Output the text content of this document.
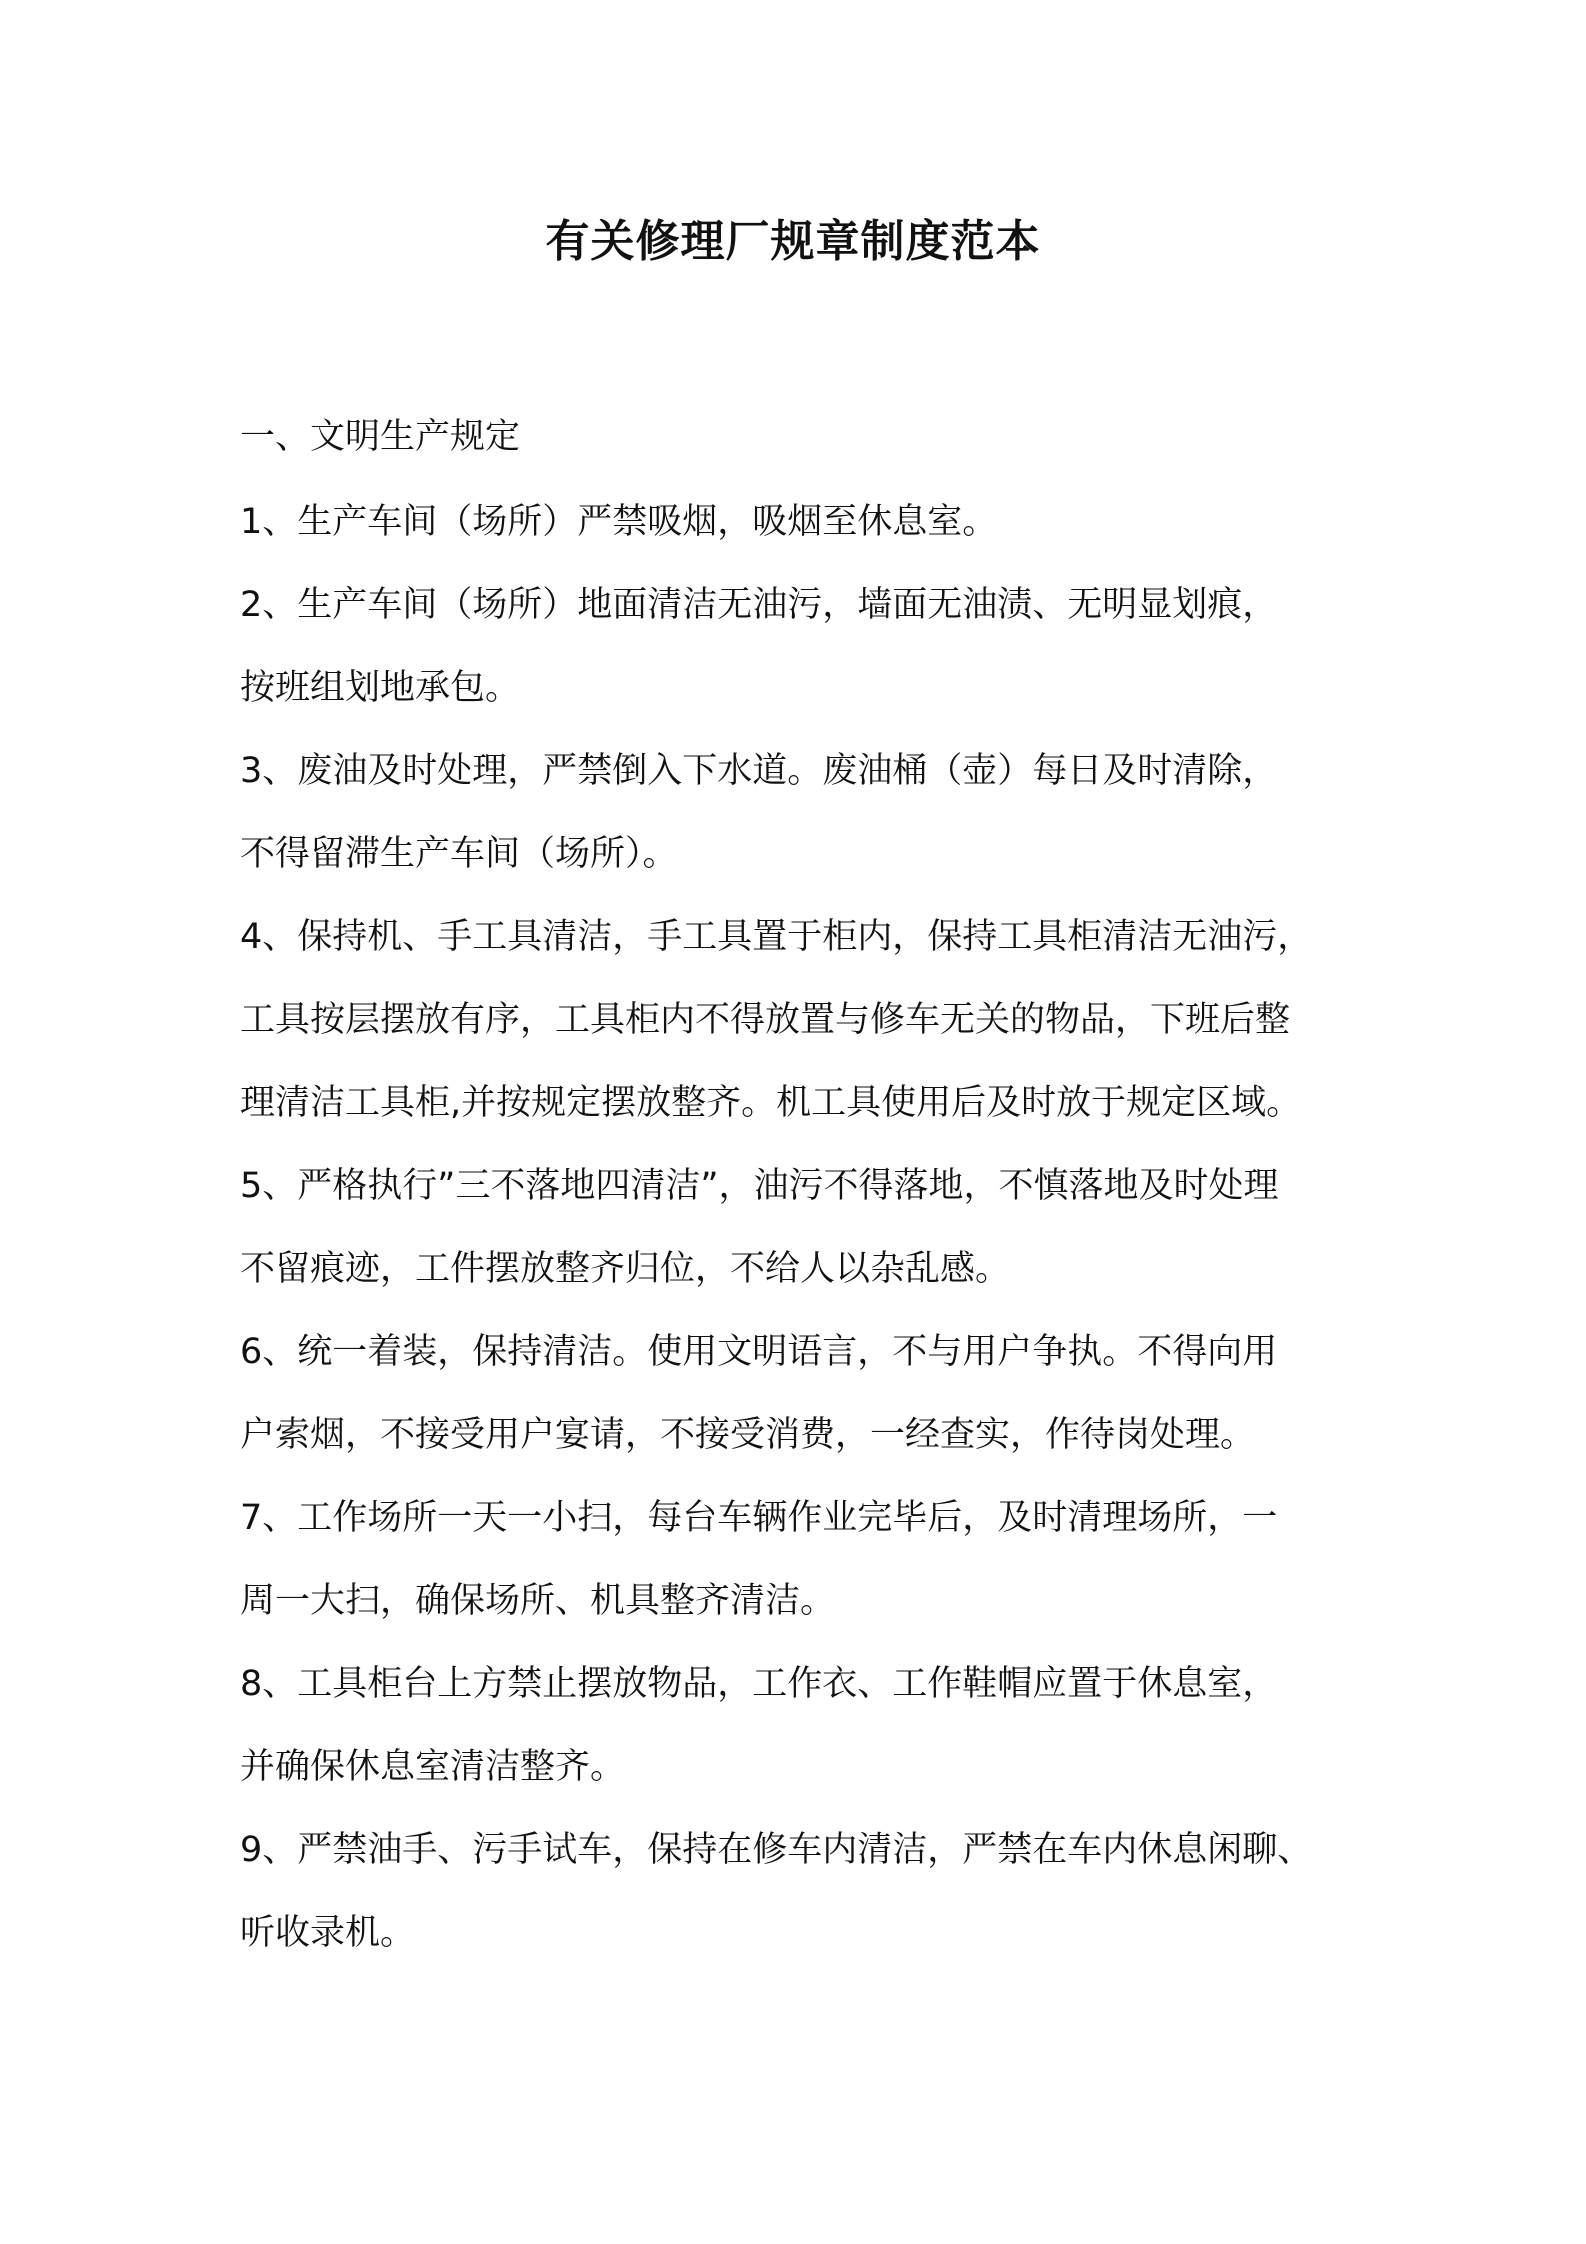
有关修理厂规章制度范本
一、文明生产规定

1、生产车间（场所）严禁吸烟，吸烟至休息室。

2、生产车间（场所）地面清洁无油污，墙面无油渍、无明显划痕，

按班组划地承包。

3、废油及时处理，严禁倒入下水道。废油桶（壶）每日及时清除，

不得留滞生产车间（场所）。

4、保持机、手工具清洁，手工具置于柜内，保持工具柜清洁无油污，

工具按层摆放有序，工具柜内不得放置与修车无关的物品，下班后整

理清洁工具柜,并按规定摆放整齐。机工具使用后及时放于规定区域。

5、严格执行”三不落地四清洁”，油污不得落地，不慎落地及时处理

不留痕迹，工件摆放整齐归位，不给人以杂乱感。

6、统一着装，保持清洁。使用文明语言，不与用户争执。不得向用

户索烟，不接受用户宴请，不接受消费，一经查实，作待岗处理。

7、工作场所一天一小扫，每台车辆作业完毕后，及时清理场所，一

周一大扫，确保场所、机具整齐清洁。

8、工具柜台上方禁止摆放物品，工作衣、工作鞋帽应置于休息室，

并确保休息室清洁整齐。

9、严禁油手、污手试车，保持在修车内清洁，严禁在车内休息闲聊、

听收录机。
